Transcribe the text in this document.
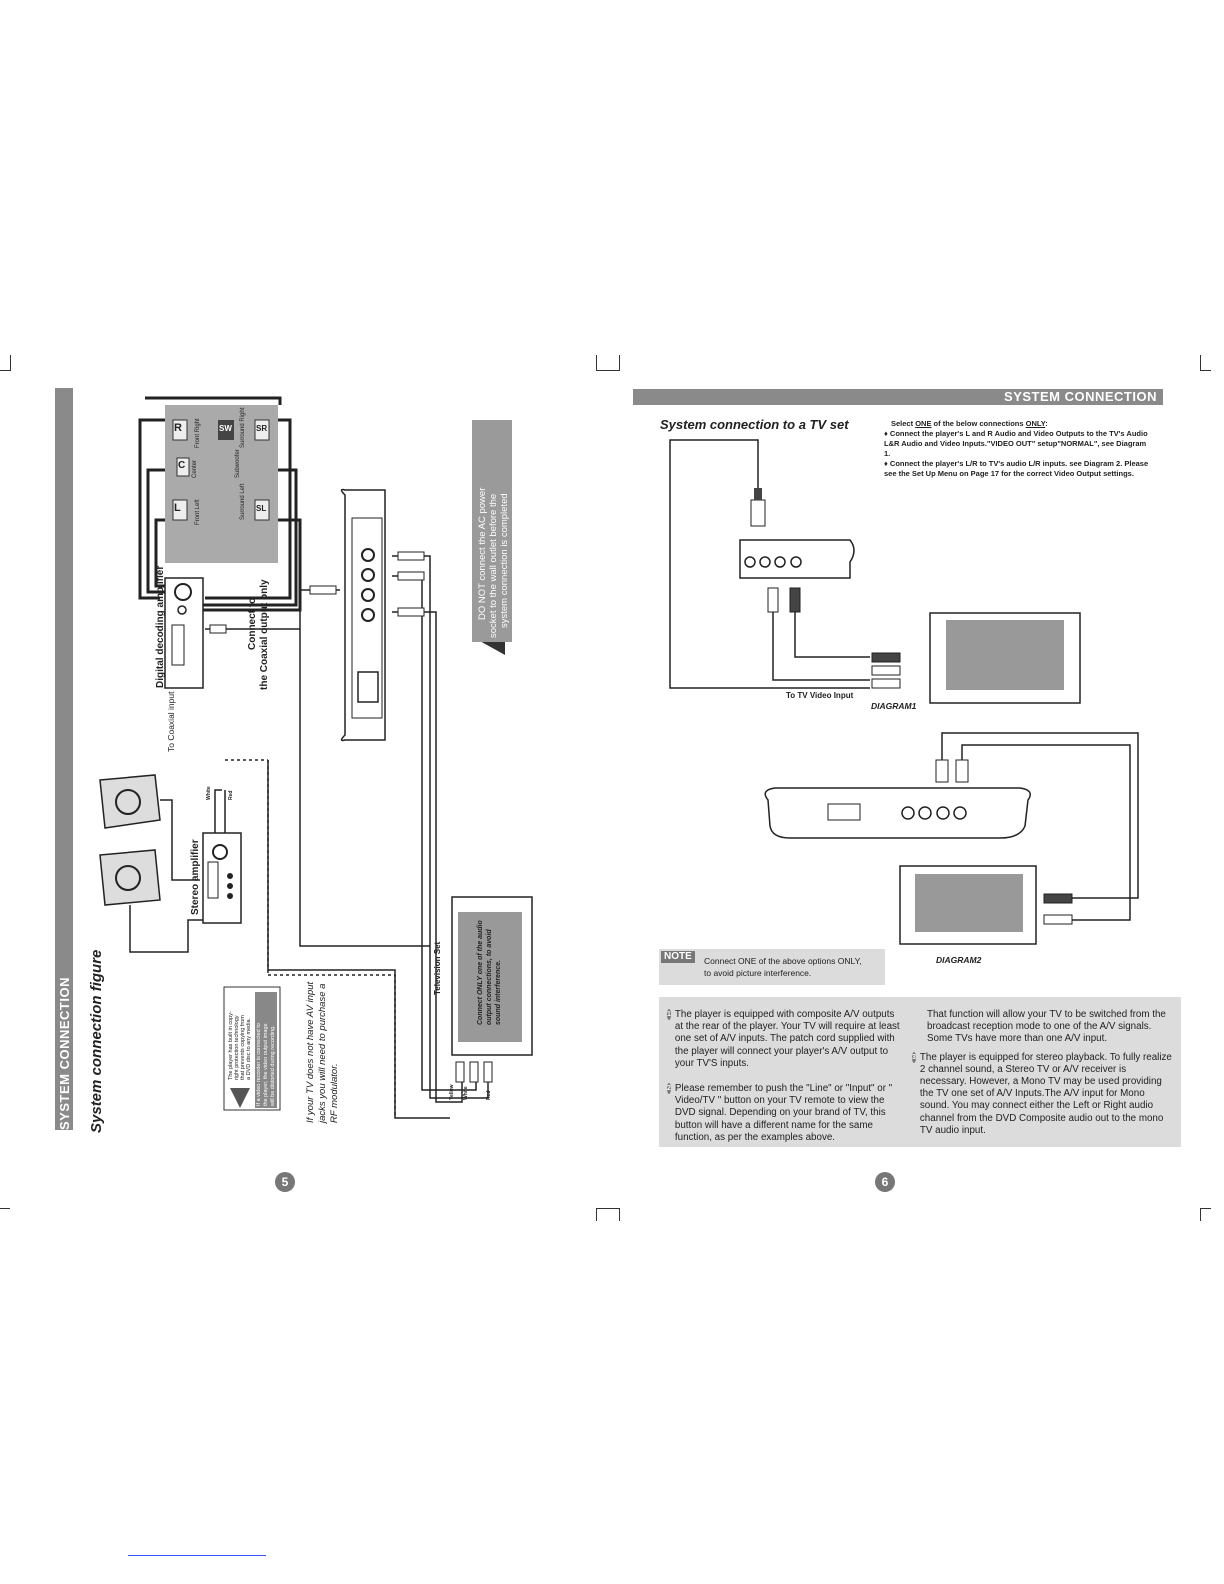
SYSTEM CONNECTION System connection figure
L
C
R	SW	SR
SL
Front Left
Center
Front Right
Subwoofer
Surround Left
Surround Right
Digital decoding amplifier
To Coaxial input
Connect to the Coaxial output only
DO NOT connect the AC power socket to the wall outlet before the system connection is completed
Stereo amplifier
White	Red
Television Set	Connect ONLY one of the audio output connections, to avoid sound interference.
Yellow White	Red
The player has built in copy- right protection technology that prevents copying from a DVD disc to any media. If a video recorder is connected to the player, the video output image will be distorted during recording.	If your TV does not have AV input jacks you will need to purchase a RF modulator.
5
SYSTEM CONNECTION
System connection to a TV set	Select ONE of the below connections ONLY:

♦ Connect the player's L and R Audio and Video Outputs to the TV's Audio L&R Audio and Video Inputs."VIDEO OUT" setup"NORMAL", see Diagram 1.

♦ Connect the player's L/R to TV's audio L/R inputs. see Diagram 2. Please see the Set Up Menu on Page 17 for the correct Video Output settings.

To TV Video Input
DIAGRAM1
DIAGRAM2
NOTE	Connect ONE of the above options ONLY,
to avoid picture interference.
1 The player is equipped with composite A/V outputs at the rear of the player. Your TV will require at least one set of A/V inputs. The patch cord supplied with the player will connect your player's A/V output to your TV'S inputs.
2 Please remember to push the "Line" or "Input" or " Video/TV " button on your TV remote to view the DVD signal. Depending on your brand of TV, this button will have a different name for the same function, as per the examples above.
That function will allow your TV to be switched from the broadcast reception mode to one of the A/V signals. Some TVs have more than one A/V input.
3 The player is equipped for stereo playback. To fully realize 2 channel sound, a Stereo TV or A/V receiver is necessary. However, a Mono TV may be used providing the TV one set of A/V Inputs.The A/V input for Mono sound. You may connect either the Left or Right audio channel from the DVD Composite audio out to the mono TV audio input.
6
